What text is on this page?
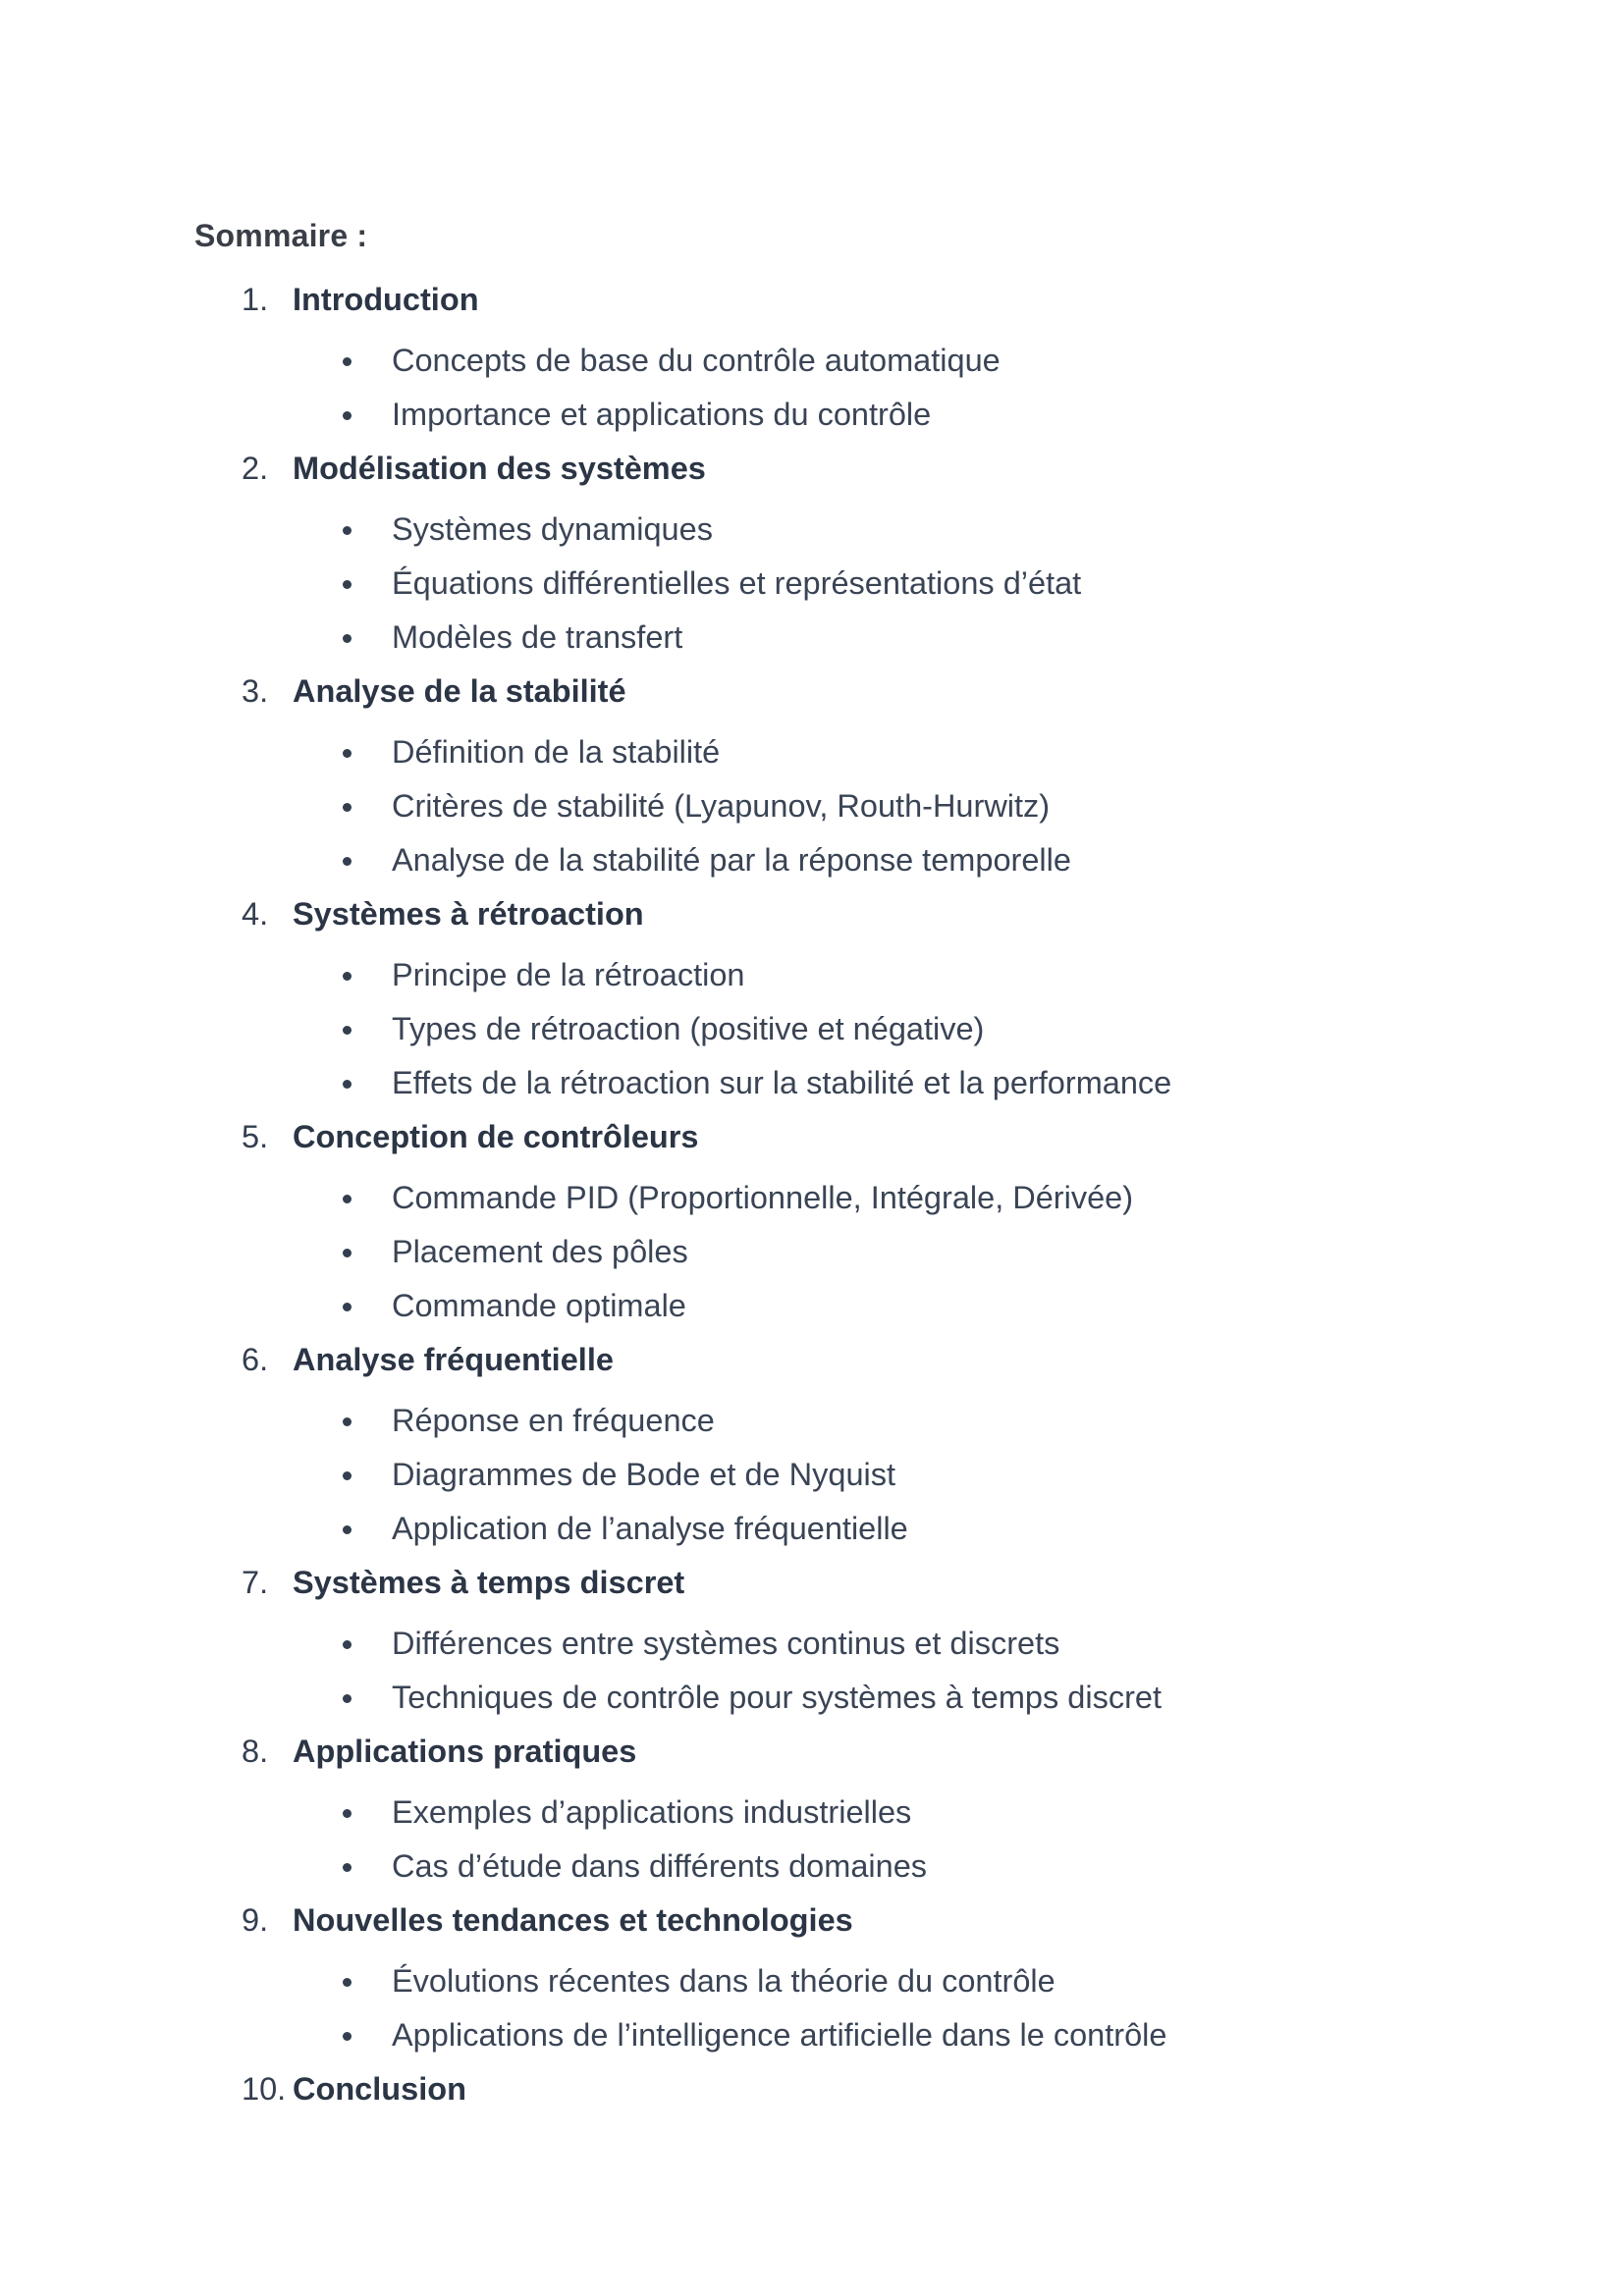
Sommaire :
1. Introduction
Concepts de base du contrôle automatique
Importance et applications du contrôle
2. Modélisation des systèmes
Systèmes dynamiques
Équations différentielles et représentations d’état
Modèles de transfert
3. Analyse de la stabilité
Définition de la stabilité
Critères de stabilité (Lyapunov, Routh-Hurwitz)
Analyse de la stabilité par la réponse temporelle
4. Systèmes à rétroaction
Principe de la rétroaction
Types de rétroaction (positive et négative)
Effets de la rétroaction sur la stabilité et la performance
5. Conception de contrôleurs
Commande PID (Proportionnelle, Intégrale, Dérivée)
Placement des pôles
Commande optimale
6. Analyse fréquentielle
Réponse en fréquence
Diagrammes de Bode et de Nyquist
Application de l’analyse fréquentielle
7. Systèmes à temps discret
Différences entre systèmes continus et discrets
Techniques de contrôle pour systèmes à temps discret
8. Applications pratiques
Exemples d’applications industrielles
Cas d’étude dans différents domaines
9. Nouvelles tendances et technologies
Évolutions récentes dans la théorie du contrôle
Applications de l’intelligence artificielle dans le contrôle
10. Conclusion
